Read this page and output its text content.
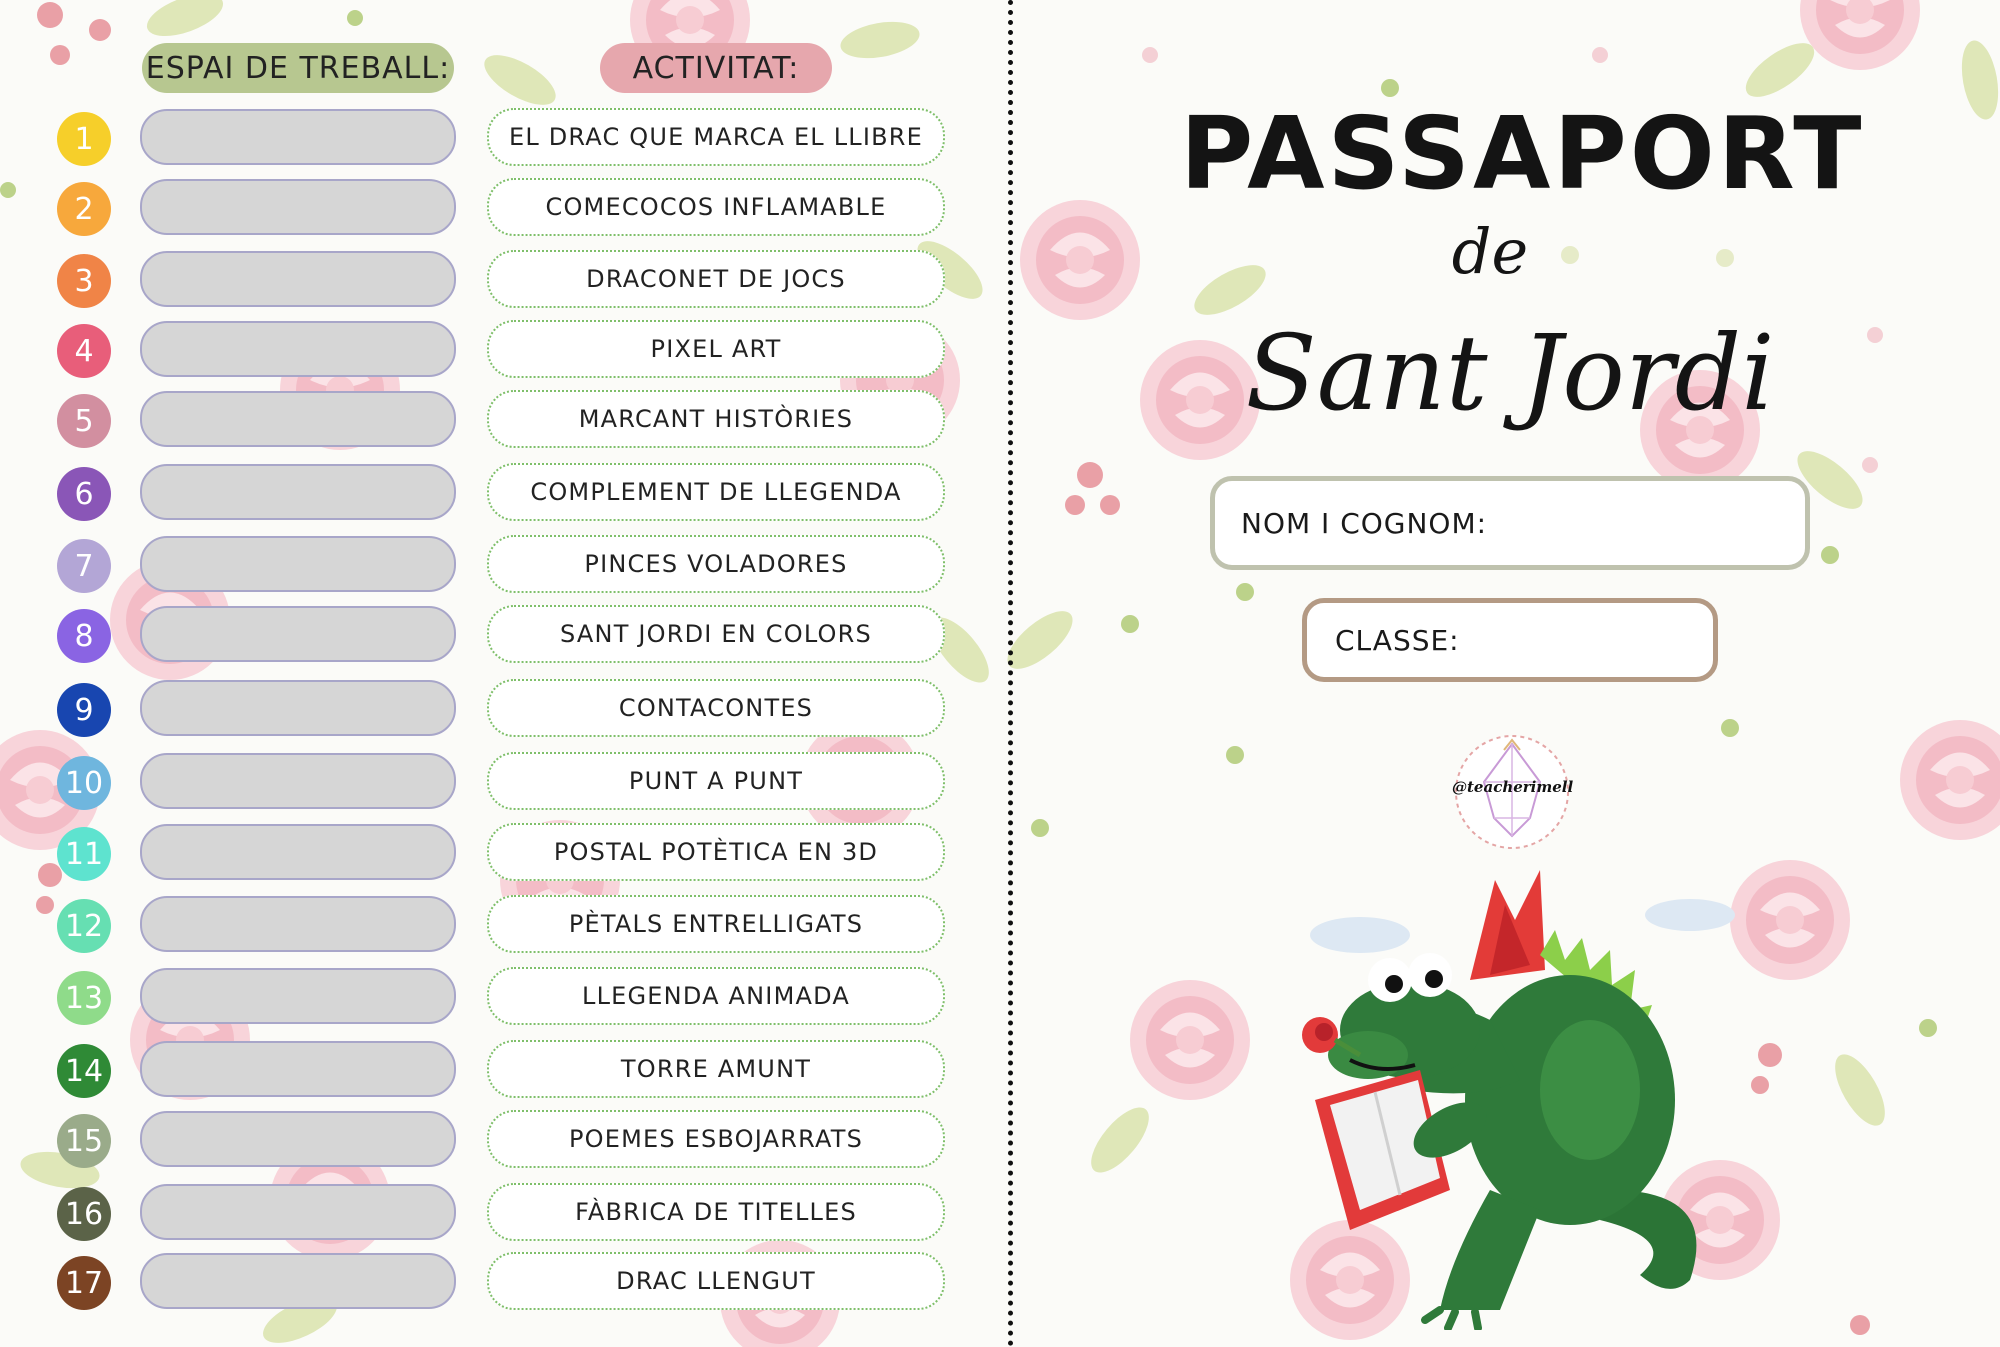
ESPAI DE TREBALL:	ACTIVITAT:
1	EL DRAC QUE MARCA EL LLIBRE
2	COMECOCOS INFLAMABLE
3	DRACONET DE JOCS
4	PIXEL ART
5	MARCANT HISTÒRIES
6	COMPLEMENT DE LLEGENDA
7	PINCES VOLADORES
8	SANT JORDI EN COLORS
9	CONTACONTES
10	PUNT A PUNT
11	POSTAL POTÈTICA EN 3D
12	PÈTALS ENTRELLIGATS
13	LLEGENDA ANIMADA
14	TORRE AMUNT
15	POEMES ESBOJARRATS
16	FÀBRICA DE TITELLES
17	DRAC LLENGUT
PASSAPORT
de
Sant Jordi
NOM I COGNOM:
CLASSE:
@teacherimell
